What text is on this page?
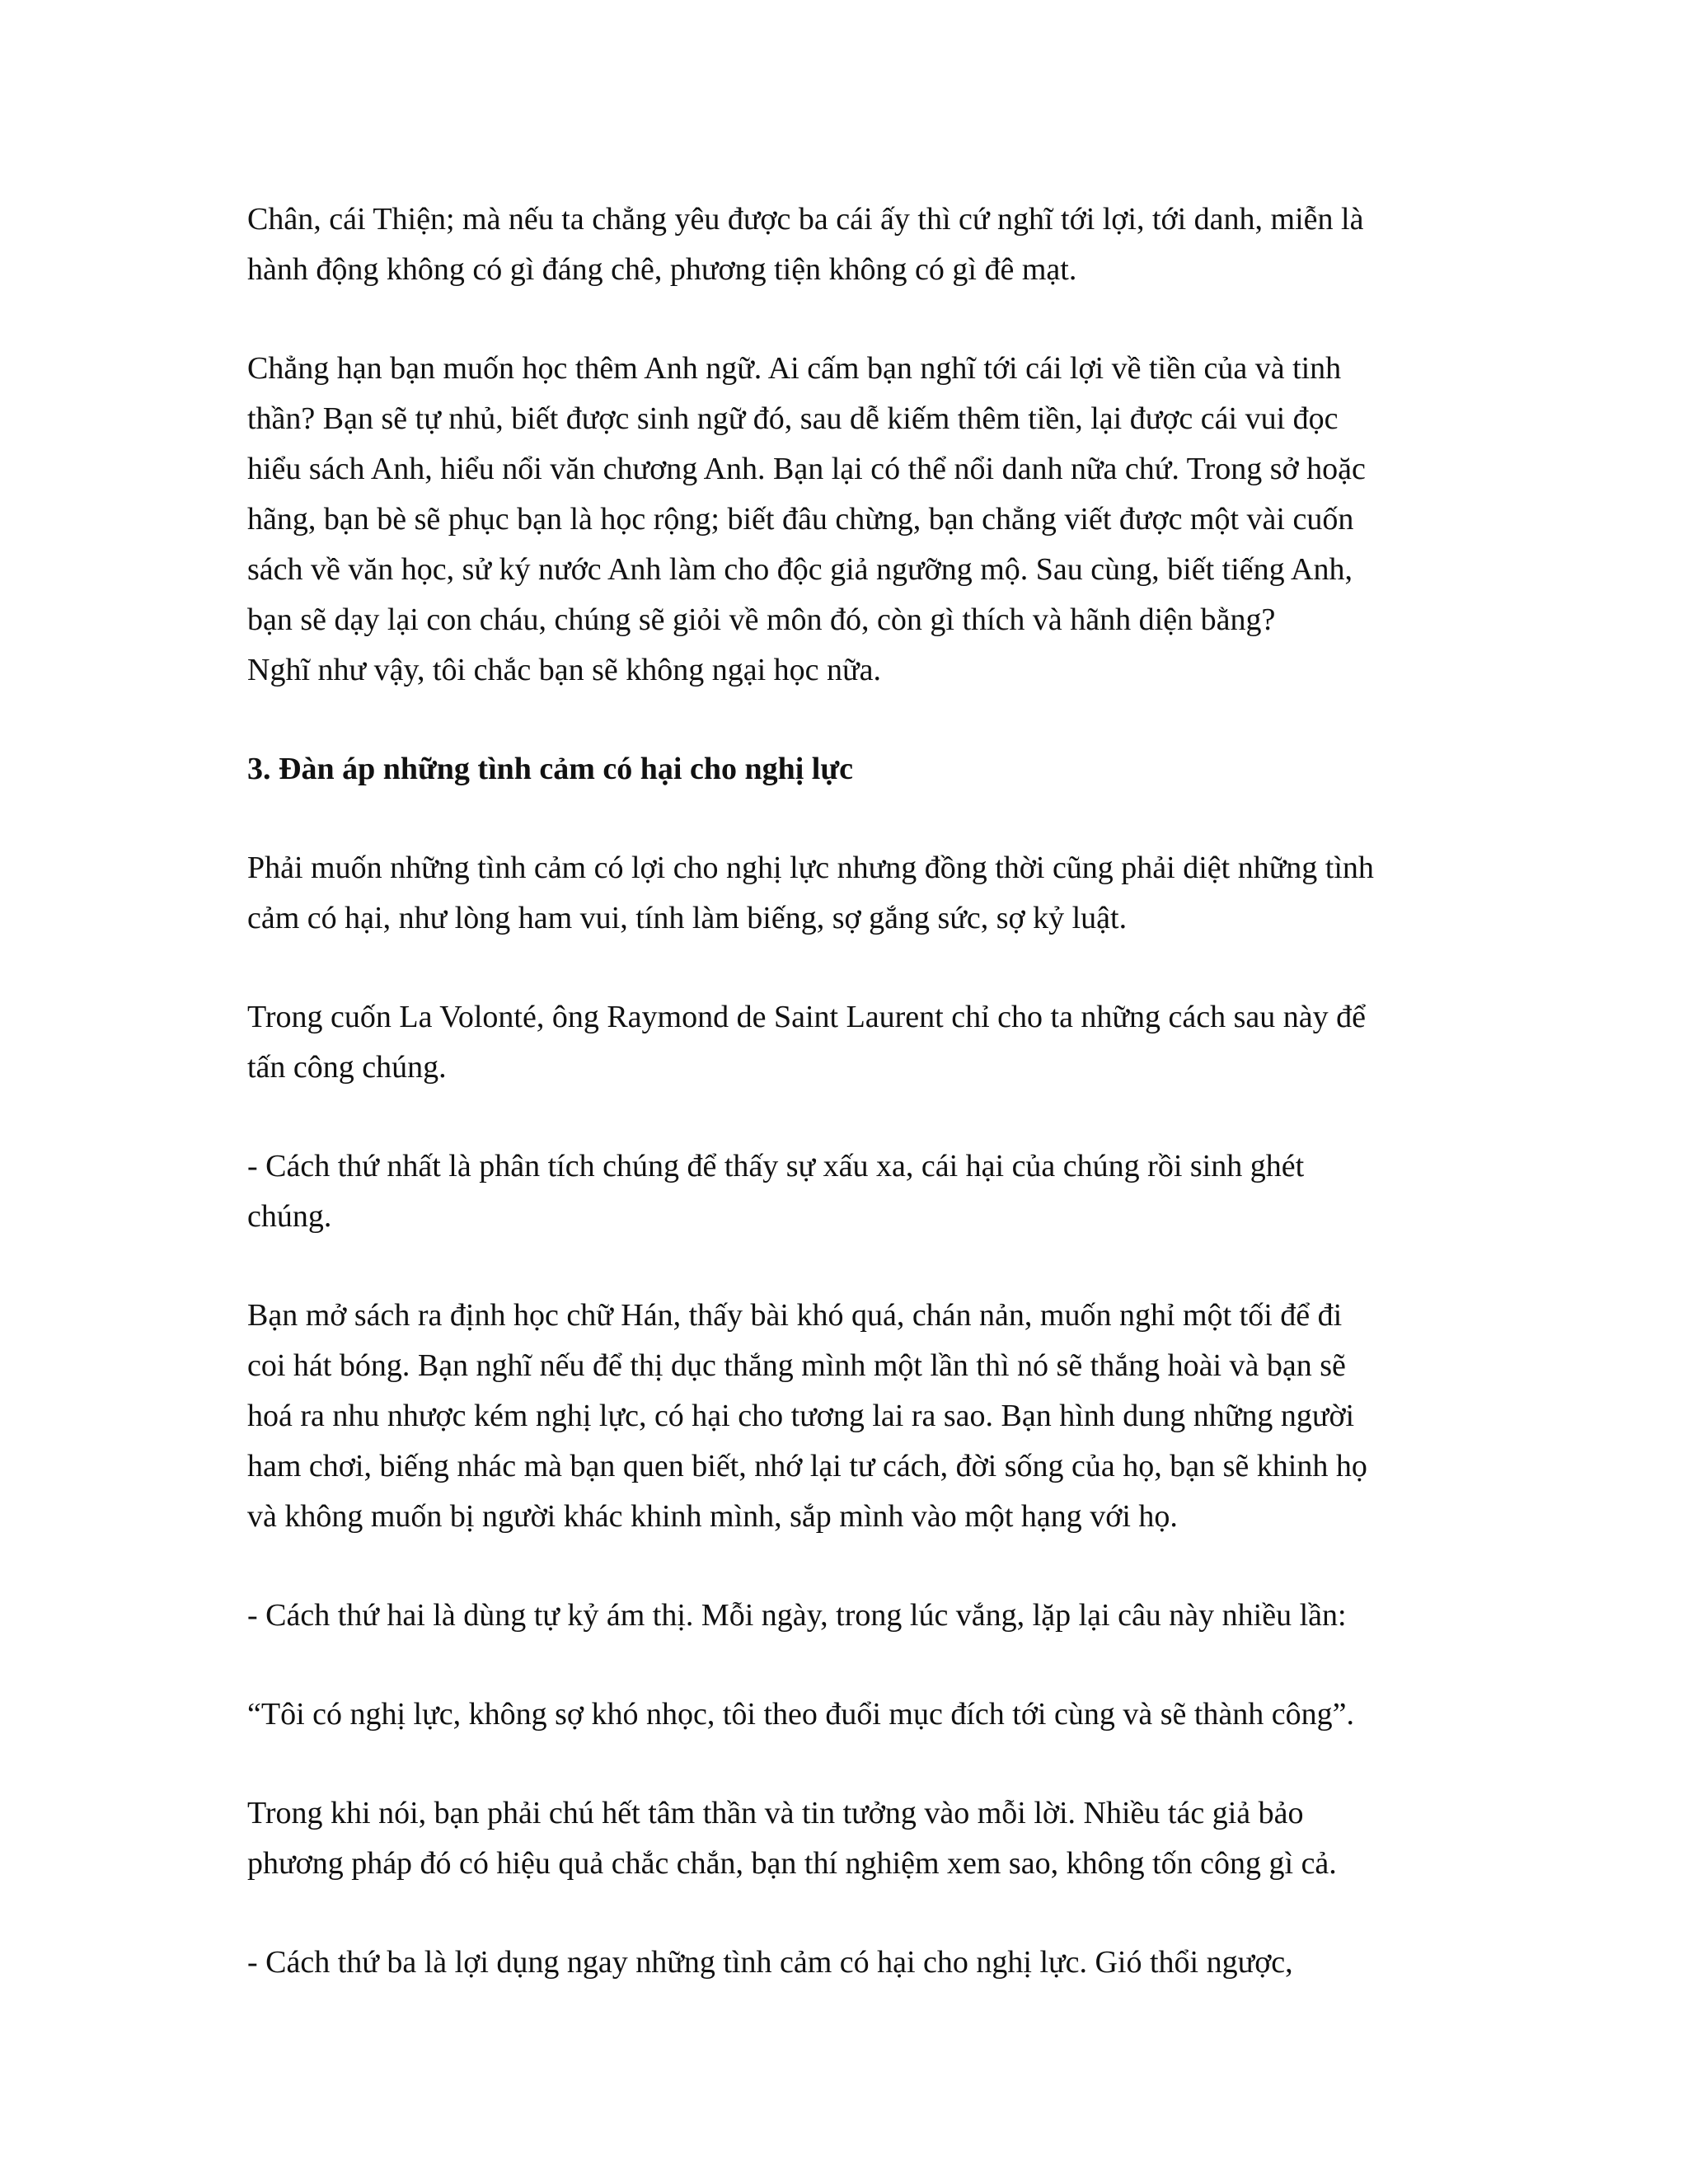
Chân, cái Thiện; mà nếu ta chẳng yêu được ba cái ấy thì cứ nghĩ tới lợi, tới danh, miễn là
hành động không có gì đáng chê, phương tiện không có gì đê mạt.

Chẳng hạn bạn muốn học thêm Anh ngữ. Ai cấm bạn nghĩ tới cái lợi về tiền của và tinh
thần? Bạn sẽ tự nhủ, biết được sinh ngữ đó, sau dễ kiếm thêm tiền, lại được cái vui đọc
hiểu sách Anh, hiểu nổi văn chương Anh. Bạn lại có thể nổi danh nữa chứ. Trong sở hoặc
hãng, bạn bè sẽ phục bạn là học rộng; biết đâu chừng, bạn chẳng viết được một vài cuốn
sách về văn học, sử ký nước Anh làm cho độc giả ngưỡng mộ. Sau cùng, biết tiếng Anh,
bạn sẽ dạy lại con cháu, chúng sẽ giỏi về môn đó, còn gì thích và hãnh diện bằng?
Nghĩ như vậy, tôi chắc bạn sẽ không ngại học nữa.

3. Đàn áp những tình cảm có hại cho nghị lực

Phải muốn những tình cảm có lợi cho nghị lực nhưng đồng thời cũng phải diệt những tình
cảm có hại, như lòng ham vui, tính làm biếng, sợ gắng sức, sợ kỷ luật.

Trong cuốn La Volonté, ông Raymond de Saint Laurent chỉ cho ta những cách sau này để
tấn công chúng.

- Cách thứ nhất là phân tích chúng để thấy sự xấu xa, cái hại của chúng rồi sinh ghét
chúng.

Bạn mở sách ra định học chữ Hán, thấy bài khó quá, chán nản, muốn nghỉ một tối để đi
coi hát bóng. Bạn nghĩ nếu để thị dục thắng mình một lần thì nó sẽ thắng hoài và bạn sẽ
hoá ra nhu nhược kém nghị lực, có hại cho tương lai ra sao. Bạn hình dung những người
ham chơi, biếng nhác mà bạn quen biết, nhớ lại tư cách, đời sống của họ, bạn sẽ khinh họ
và không muốn bị người khác khinh mình, sắp mình vào một hạng với họ.

- Cách thứ hai là dùng tự kỷ ám thị. Mỗi ngày, trong lúc vắng, lặp lại câu này nhiều lần:

“Tôi có nghị lực, không sợ khó nhọc, tôi theo đuổi mục đích tới cùng và sẽ thành công”.

Trong khi nói, bạn phải chú hết tâm thần và tin tưởng vào mỗi lời. Nhiều tác giả bảo
phương pháp đó có hiệu quả chắc chắn, bạn thí nghiệm xem sao, không tốn công gì cả.

- Cách thứ ba là lợi dụng ngay những tình cảm có hại cho nghị lực. Gió thổi ngược,
